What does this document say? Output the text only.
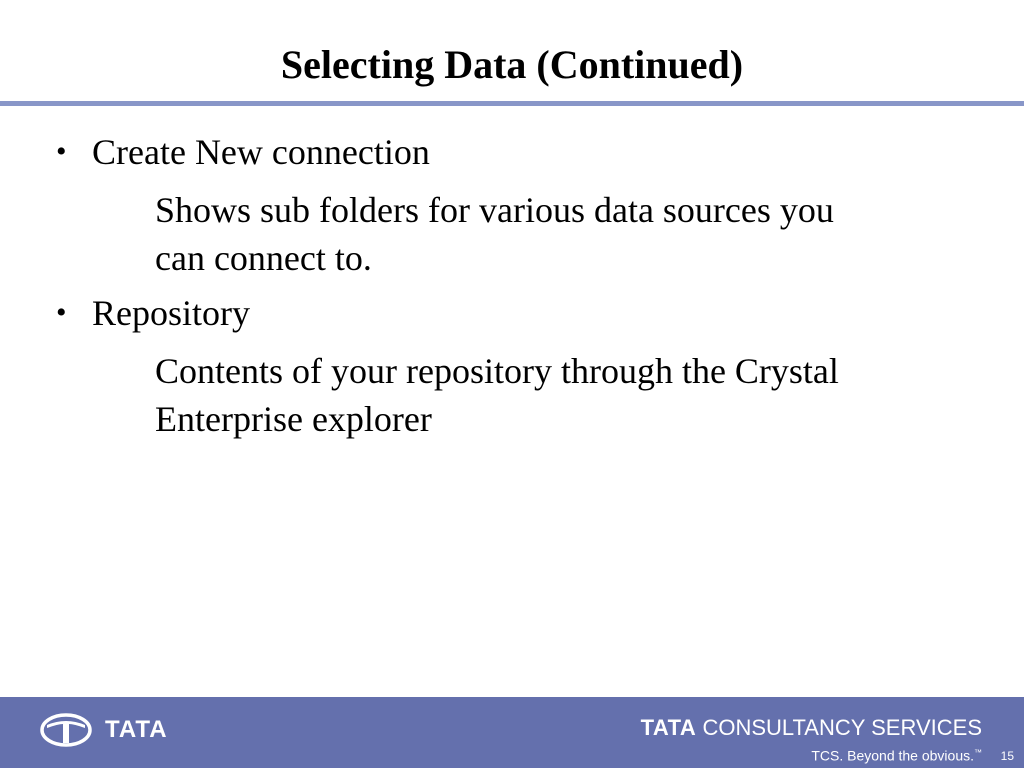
Selecting Data (Continued)
• Create New connection
Shows sub folders for various data sources you
can connect to.
• Repository
Contents of your repository through the Crystal
Enterprise explorer
TATA	TATA CONSULTANCY SERVICES
TCS. Beyond the obvious.™ 15
